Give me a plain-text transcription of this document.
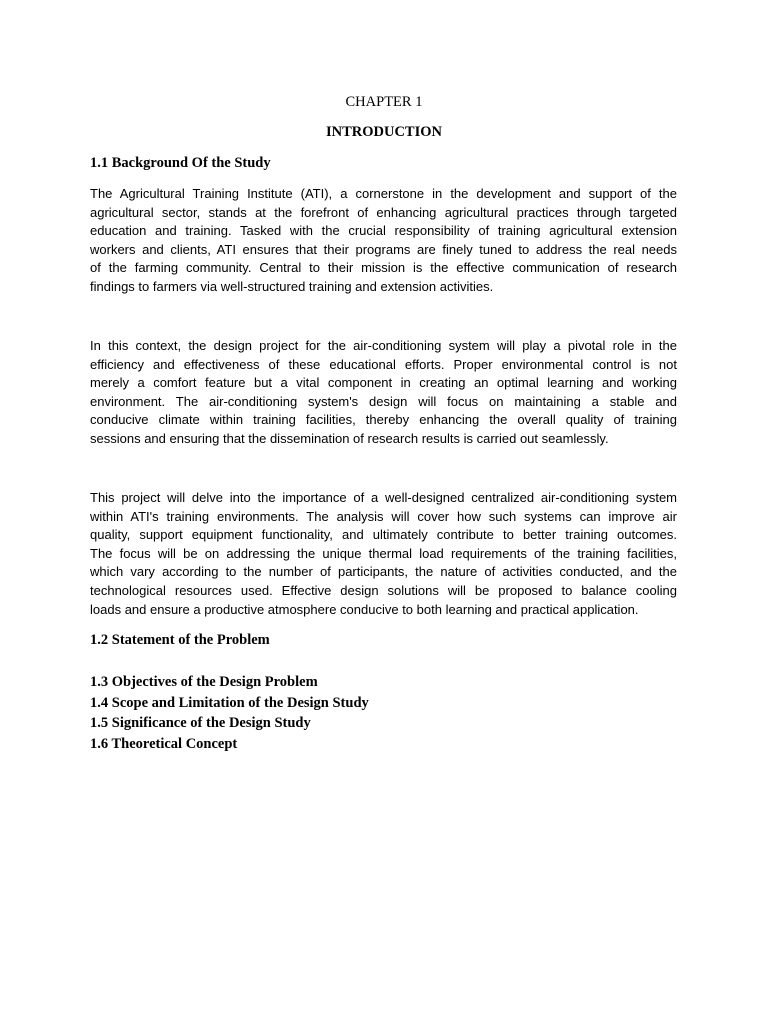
CHAPTER 1
INTRODUCTION
1.1 Background Of the Study
The Agricultural Training Institute (ATI), a cornerstone in the development and support of the
agricultural sector, stands at the forefront of enhancing agricultural practices through targeted
education and training. Tasked with the crucial responsibility of training agricultural extension
workers and clients, ATI ensures that their programs are finely tuned to address the real needs
of the farming community. Central to their mission is the effective communication of research
findings to farmers via well-structured training and extension activities.
In this context, the design project for the air-conditioning system will play a pivotal role in the
efficiency and effectiveness of these educational efforts. Proper environmental control is not
merely a comfort feature but a vital component in creating an optimal learning and working
environment. The air-conditioning system's design will focus on maintaining a stable and
conducive climate within training facilities, thereby enhancing the overall quality of training
sessions and ensuring that the dissemination of research results is carried out seamlessly.
This project will delve into the importance of a well-designed centralized air-conditioning system
within ATI's training environments. The analysis will cover how such systems can improve air
quality, support equipment functionality, and ultimately contribute to better training outcomes.
The focus will be on addressing the unique thermal load requirements of the training facilities,
which vary according to the number of participants, the nature of activities conducted, and the
technological resources used. Effective design solutions will be proposed to balance cooling
loads and ensure a productive atmosphere conducive to both learning and practical application.
1.2 Statement of the Problem
1.3 Objectives of the Design Problem
1.4 Scope and Limitation of the Design Study
1.5 Significance of the Design Study
1.6 Theoretical Concept
